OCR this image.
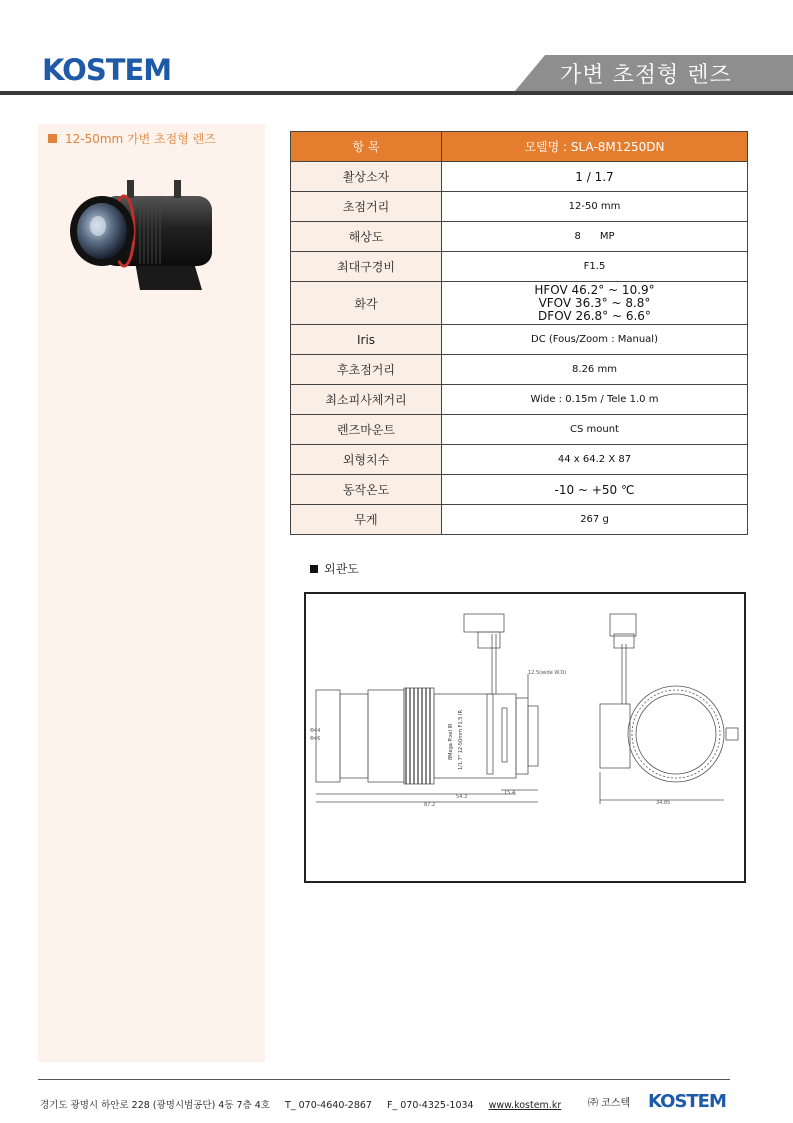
KOSTEM	가변 초점형 렌즈
12-50mm 가변 초점형 렌즈
항 목	모델명 : SLA-8M1250DN
촬상소자	1 / 1.7
초점거리	12-50 mm
해상도	8      MP
최대구경비	F1.5
화각	HFOV 46.2° ~ 10.9°
VFOV 36.3° ~ 8.8°
DFOV 26.8° ~ 6.6°

Iris	DC (Fous/Zoom : Manual)
후초점거리	8.26 mm
최소피사체거리	Wide : 0.15m / Tele 1.0 m
렌즈마운트	CS mount
외형치수	44 x 64.2 X 87
동작온도	-10 ~ +50 ℃
무게	267 g
외관도
12.5(wide W.D)
54.3
15.4
87.2	34.85
Φ44
Φ46	8Mega Pixel IR 1/1.7" 12-50mm F1.5 IR
경기도 광명시 하안로 228 (광명시범공단) 4동 7층 4호 T_ 070-4640-2867 F_ 070-4325-1034 www.kostem.kr	㈜ 코스텍 KOSTEM
